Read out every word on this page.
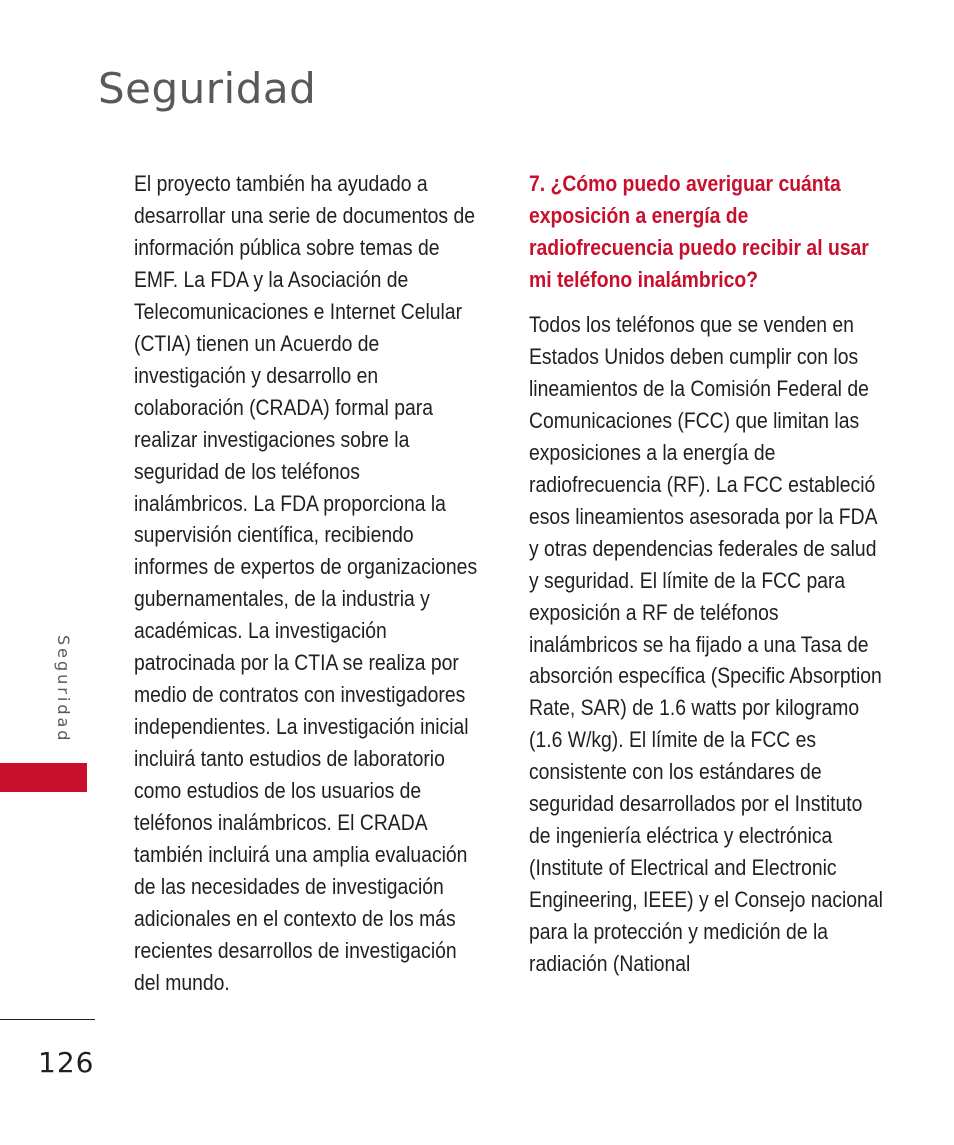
Seguridad

El proyecto también ha ayudado a desarrollar una serie de documentos de información pública sobre temas de EMF. La FDA y la Asociación de Telecomunicaciones e Internet Celular (CTIA) tienen un Acuerdo de investigación y desarrollo en colaboración (CRADA) formal para realizar investigaciones sobre la seguridad de los teléfonos inalámbricos. La FDA proporciona la supervisión científica, recibiendo informes de expertos de organizaciones gubernamentales, de la industria y académicas. La investigación patrocinada por la CTIA se realiza por medio de contratos con investigadores independientes. La investigación inicial incluirá tanto estudios de laboratorio como estudios de los usuarios de teléfonos inalámbricos. El CRADA también incluirá una amplia evaluación de las necesidades de investigación adicionales en el contexto de los más recientes desarrollos de investigación del mundo.

7. ¿Cómo puedo averiguar cuánta exposición a energía de radiofrecuencia puedo recibir al usar mi teléfono inalámbrico?

Todos los teléfonos que se venden en Estados Unidos deben cumplir con los lineamientos de la Comisión Federal de Comunicaciones (FCC) que limitan las exposiciones a la energía de radiofrecuencia (RF). La FCC estableció esos lineamientos asesorada por la FDA y otras dependencias federales de salud y seguridad. El límite de la FCC para exposición a RF de teléfonos inalámbricos se ha fijado a una Tasa de absorción específica (Specific Absorption Rate, SAR) de 1.6 watts por kilogramo (1.6 W/kg). El límite de la FCC es consistente con los estándares de seguridad desarrollados por el Instituto de ingeniería eléctrica y electrónica (Institute of Electrical and Electronic Engineering, IEEE) y el Consejo nacional para la protección y medición de la radiación (National

Seguridad
126
